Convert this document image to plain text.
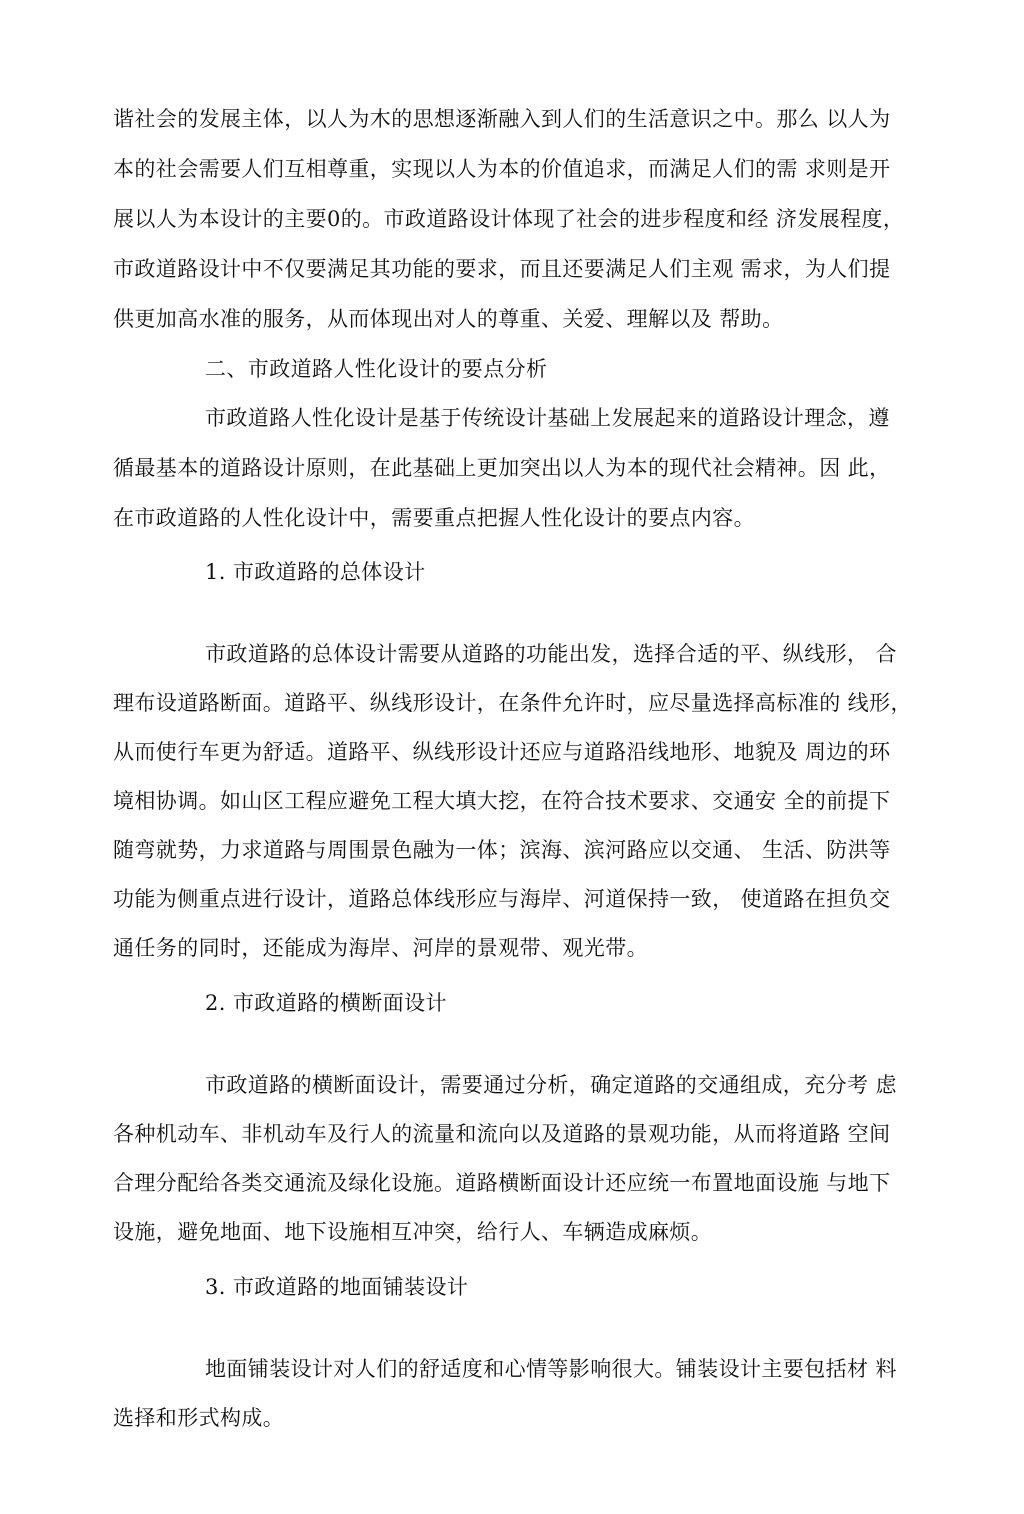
谐社会的发展主体，以人为木的思想逐渐融入到人们的生活意识之中。那么 以人为
本的社会需要人们互相尊重，实现以人为本的价值追求，而满足人们的需 求则是开
展以人为本设计的主要0的。市政道路设计体现了社会的进步程度和经 济发展程度，
市政道路设计中不仅要满足其功能的要求，而且还要满足人们主观 需求，为人们提
供更加高水准的服务，从而体现出对人的尊重、关爱、理解以及 帮助。
二、市政道路人性化设计的要点分析
市政道路人性化设计是基于传统设计基础上发展起来的道路设计理念，遵
循最基本的道路设计原则，在此基础上更加突出以人为本的现代社会精神。因 此，
在市政道路的人性化设计中，需要重点把握人性化设计的要点内容。
1. 市政道路的总体设计
市政道路的总体设计需要从道路的功能出发，选择合适的平、纵线形， 合
理布设道路断面。道路平、纵线形设计，在条件允许时，应尽量选择高标准的 线形，
从而使行车更为舒适。道路平、纵线形设计还应与道路沿线地形、地貌及 周边的环
境相协调。如山区工程应避免工程大填大挖，在符合技术要求、交通安 全的前提下
随弯就势，力求道路与周围景色融为一体；滨海、滨河路应以交通、 生活、防洪等
功能为侧重点进行设计，道路总体线形应与海岸、河道保持一致， 使道路在担负交
通任务的同时，还能成为海岸、河岸的景观带、观光带。
2. 市政道路的横断面设计
市政道路的横断面设计，需要通过分析，确定道路的交通组成，充分考 虑
各种机动车、非机动车及行人的流量和流向以及道路的景观功能，从而将道路 空间
合理分配给各类交通流及绿化设施。道路横断面设计还应统一布置地面设施 与地下
设施，避免地面、地下设施相互冲突，给行人、车辆造成麻烦。
3. 市政道路的地面铺装设计
地面铺装设计对人们的舒适度和心情等影响很大。铺装设计主要包括材 料
选择和形式构成。
